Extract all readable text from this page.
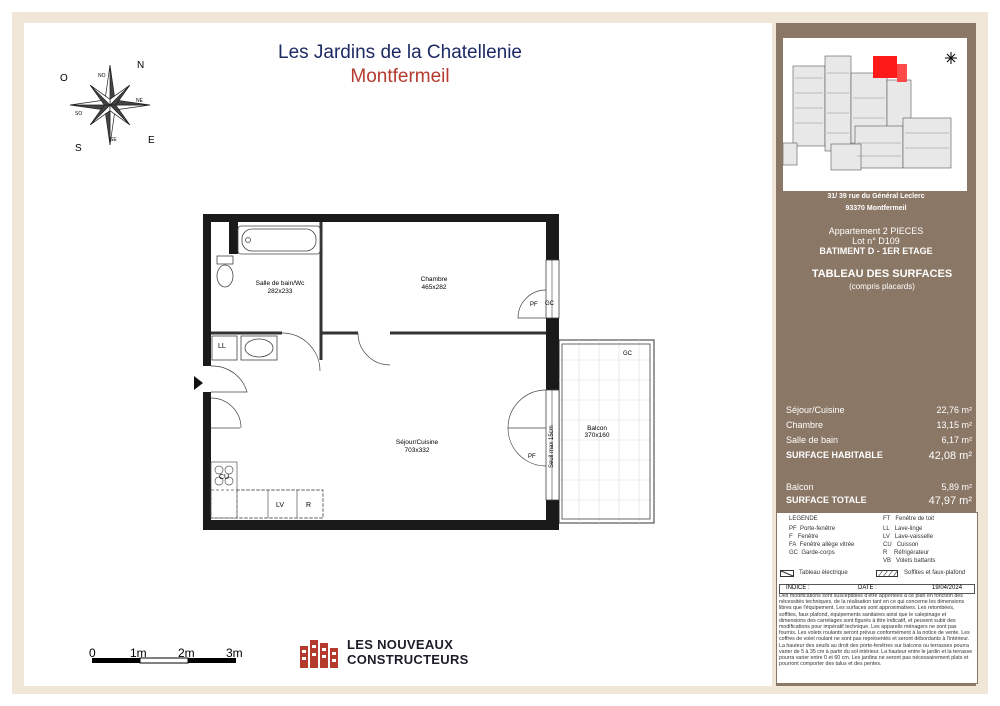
Les Jardins de la Chatellenie
Montfermeil
N
S
E
O	NO
NE
SO
SE
Salle de bain/Wc
282x233
Chambre
465x282
Séjour/Cuisine
703x332
Balcon
370x160
Seuil max 15cm
LL
CU
LV	R
PF
PF
GC
GC
31/ 39 rue du Général Leclerc
93370 Montfermeil
Appartement 2 PIECES
Lot n° D109
BATIMENT D - 1ER ETAGE
TABLEAU DES SURFACES
(compris placards)
Séjour/Cuisine	22,76 m²
Chambre	13,15 m²
Salle de bain	6,17 m²
SURFACE HABITABLE	42,08 m²
Balcon	5,89 m²
SURFACE TOTALE	47,97 m²
LEGENDE
PF Porte-fenêtre
F Fenêtre
FA Fenêtre allège vitrée
GC Garde-corps
FT Fenêtre de toit
LL Lave-linge
LV Lave-vaisselle
CU Cuisson
R Réfrigérateur
VB Volets battants
Tableau électrique	Soffites et faux-plafond
INDICE :	DATE :	19/04/2024
Des modifications sont susceptibles d'être apportées à ce plan en fonction des nécessités techniques, de la réalisation tant en ce qui concerne les dimensions libres que l'équipement. Les surfaces sont approximatives. Les retombées, soffites, faux plafond, équipements sanitaires ainsi que le calepinage et dimensions des carrelages sont figurés à titre indicatif, et peuvent subir des modifications pour impératif technique. Les appareils ménagers ne sont pas fournis. Les volets roulants seront prévus conformément à la notice de vente. Les coffres de volet roulant ne sont pas représentés et seront débordants à l'intérieur. La hauteur des seuils au droit des porte-fenêtres sur balcons ou terrasses pourra varier de 5 à 35 cm à partir du sol intérieur. La hauteur entre le jardin et la terrasse pourra varier entre 0 et 60 cm. Les jardins ne seront pas nécessairement plats et pourront comporter des talus et des pentes.
0	1m	2m	3m
LES NOUVEAUX
CONSTRUCTEURS
